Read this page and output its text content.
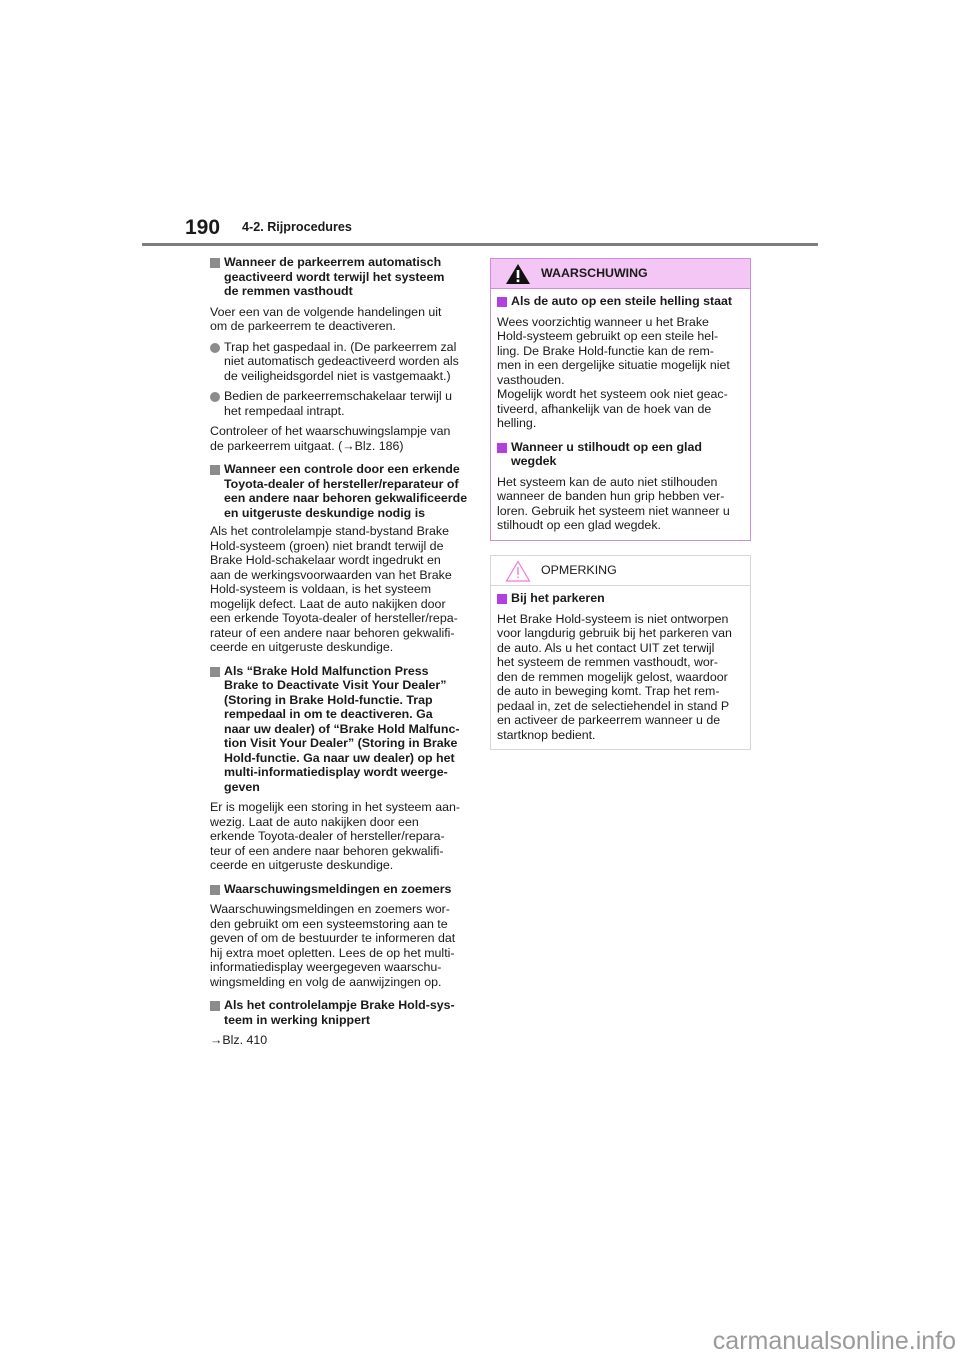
190 4-2. Rijprocedures
Wanneer de parkeerrem automatisch
geactiveerd wordt terwijl het systeem
de remmen vasthoudt
Voer een van de volgende handelingen uit
om de parkeerrem te deactiveren.
Trap het gaspedaal in. (De parkeerrem zal
niet automatisch gedeactiveerd worden als
de veiligheidsgordel niet is vastgemaakt.)
Bedien de parkeerremschakelaar terwijl u
het rempedaal intrapt.
Controleer of het waarschuwingslampje van
de parkeerrem uitgaat. (→Blz. 186)
Wanneer een controle door een erkende
Toyota-dealer of hersteller/reparateur of
een andere naar behoren gekwalificeerde
en uitgeruste deskundige nodig is
Als het controlelampje stand-bystand Brake
Hold-systeem (groen) niet brandt terwijl de
Brake Hold-schakelaar wordt ingedrukt en
aan de werkingsvoorwaarden van het Brake
Hold-systeem is voldaan, is het systeem
mogelijk defect. Laat de auto nakijken door
een erkende Toyota-dealer of hersteller/repa-
rateur of een andere naar behoren gekwalifi-
ceerde en uitgeruste deskundige.
Als “Brake Hold Malfunction Press
Brake to Deactivate Visit Your Dealer”
(Storing in Brake Hold-functie. Trap
rempedaal in om te deactiveren. Ga
naar uw dealer) of “Brake Hold Malfunc-
tion Visit Your Dealer” (Storing in Brake
Hold-functie. Ga naar uw dealer) op het
multi-informatiedisplay wordt weerge-
geven
Er is mogelijk een storing in het systeem aan-
wezig. Laat de auto nakijken door een
erkende Toyota-dealer of hersteller/repara-
teur of een andere naar behoren gekwalifi-
ceerde en uitgeruste deskundige.
Waarschuwingsmeldingen en zoemers
Waarschuwingsmeldingen en zoemers wor-
den gebruikt om een systeemstoring aan te
geven of om de bestuurder te informeren dat
hij extra moet opletten. Lees de op het multi-
informatiedisplay weergegeven waarschu-
wingsmelding en volg de aanwijzingen op.
Als het controlelampje Brake Hold-sys-
teem in werking knippert
→Blz. 410
WAARSCHUWING
Als de auto op een steile helling staat
Wees voorzichtig wanneer u het Brake
Hold-systeem gebruikt op een steile hel-
ling. De Brake Hold-functie kan de rem-
men in een dergelijke situatie mogelijk niet
vasthouden.
Mogelijk wordt het systeem ook niet geac-
tiveerd, afhankelijk van de hoek van de
helling.
Wanneer u stilhoudt op een glad
wegdek
Het systeem kan de auto niet stilhouden
wanneer de banden hun grip hebben ver-
loren. Gebruik het systeem niet wanneer u
stilhoudt op een glad wegdek.
OPMERKING
Bij het parkeren
Het Brake Hold-systeem is niet ontworpen
voor langdurig gebruik bij het parkeren van
de auto. Als u het contact UIT zet terwijl
het systeem de remmen vasthoudt, wor-
den de remmen mogelijk gelost, waardoor
de auto in beweging komt. Trap het rem-
pedaal in, zet de selectiehendel in stand P
en activeer de parkeerrem wanneer u de
startknop bedient.
carmanualsonline.info
